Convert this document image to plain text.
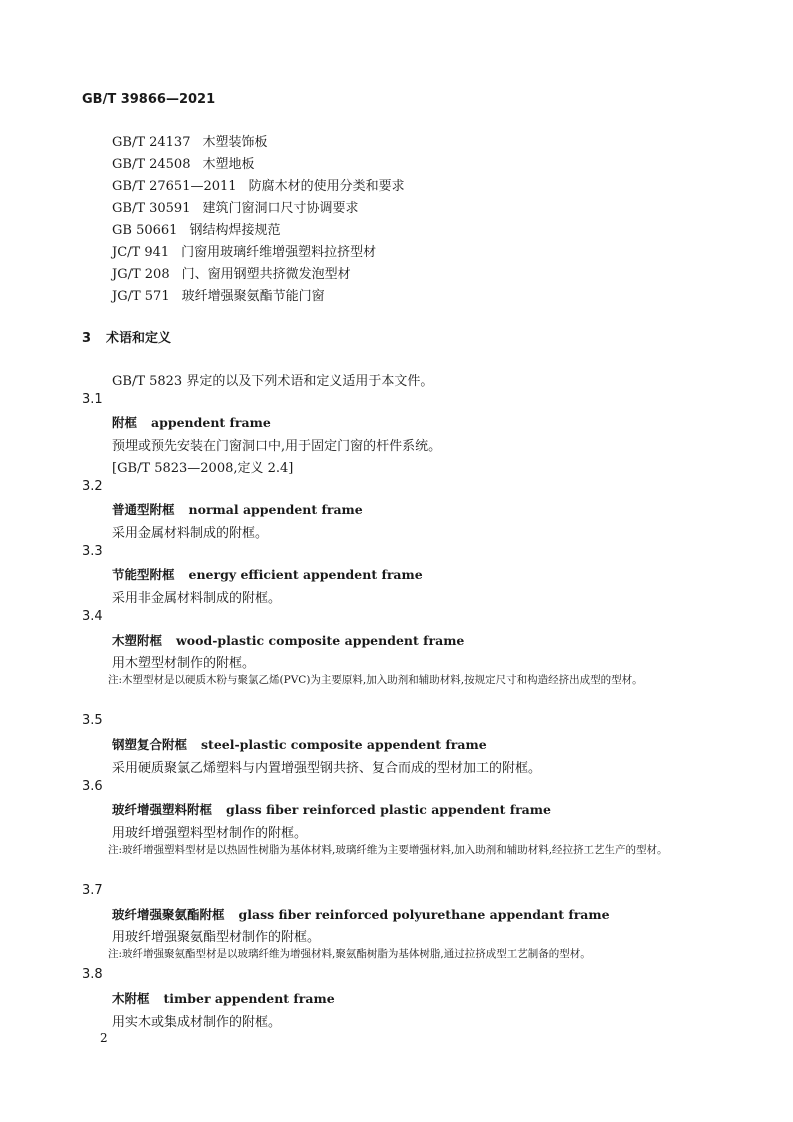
GB/T 39866—2021
GB/T 24137 木塑装饰板
GB/T 24508 木塑地板
GB/T 27651—2011 防腐木材的使用分类和要求
GB/T 30591 建筑门窗洞口尺寸协调要求
GB 50661 钢结构焊接规范
JC/T 941 门窗用玻璃纤维增强塑料拉挤型材
JG/T 208 门、窗用钢塑共挤微发泡型材
JG/T 571 玻纤增强聚氨酯节能门窗
3 术语和定义
GB/T 5823 界定的以及下列术语和定义适用于本文件。
3.1
附框 appendent frame
预埋或预先安装在门窗洞口中,用于固定门窗的杆件系统。
[GB/T 5823—2008,定义 2.4]
3.2
普通型附框 normal appendent frame
采用金属材料制成的附框。
3.3
节能型附框 energy efficient appendent frame
采用非金属材料制成的附框。
3.4
木塑附框 wood-plastic composite appendent frame
用木塑型材制作的附框。
注:木塑型材是以硬质木粉与聚氯乙烯(PVC)为主要原料,加入助剂和辅助材料,按规定尺寸和构造经挤出成型的型材。
3.5
钢塑复合附框 steel-plastic composite appendent frame
采用硬质聚氯乙烯塑料与内置增强型钢共挤、复合而成的型材加工的附框。
3.6
玻纤增强塑料附框 glass fiber reinforced plastic appendent frame
用玻纤增强塑料型材制作的附框。
注:玻纤增强塑料型材是以热固性树脂为基体材料,玻璃纤维为主要增强材料,加入助剂和辅助材料,经拉挤工艺生产的型材。
3.7
玻纤增强聚氨酯附框 glass fiber reinforced polyurethane appendant frame
用玻纤增强聚氨酯型材制作的附框。
注:玻纤增强聚氨酯型材是以玻璃纤维为增强材料,聚氨酯树脂为基体树脂,通过拉挤成型工艺制备的型材。
3.8
木附框 timber appendent frame
用实木或集成材制作的附框。
2
